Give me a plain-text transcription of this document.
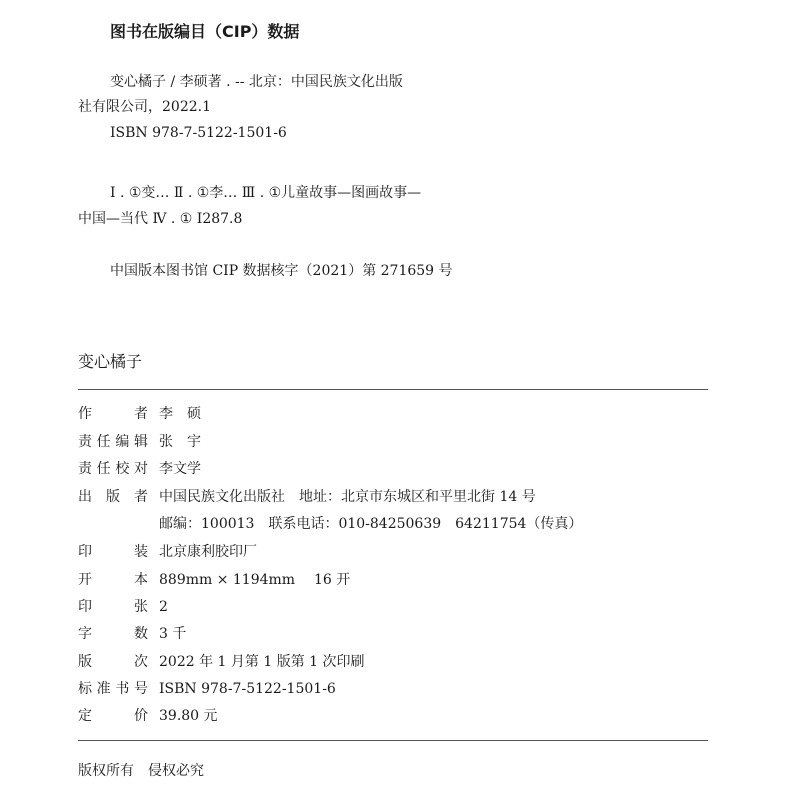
图书在版编目（CIP）数据
变心橘子 / 李硕著 . -- 北京：中国民族文化出版
社有限公司，2022.1
ISBN 978-7-5122-1501-6
Ⅰ . ①变… Ⅱ . ①李… Ⅲ . ①儿童故事—图画故事—
中国—当代 Ⅳ . ① I287.8
中国版本图书馆 CIP 数据核字（2021）第 271659 号
变心橘子
作者 李　硕
责任编辑 张　宇
责任校对 李文学
出版者 中国民族文化出版社　地址：北京市东城区和平里北街 14 号
邮编：100013　联系电话：010-84250639　64211754（传真）
印装 北京康利胶印厂
开本 889mm × 1194mm 16 开
印张 2
字数 3 千
版次 2022 年 1 月第 1 版第 1 次印刷
标准书号 ISBN 978-7-5122-1501-6
定价 39.80 元
版权所有　侵权必究
